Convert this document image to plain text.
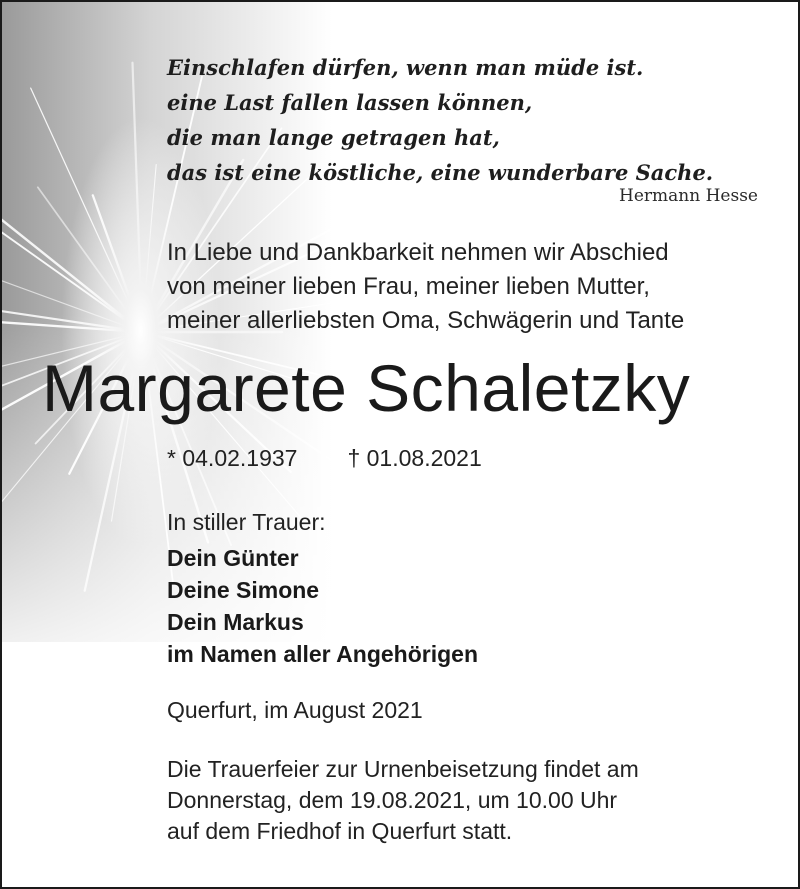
Einschlafen dürfen, wenn man müde ist.
eine Last fallen lassen können,
die man lange getragen hat,
das ist eine köstliche, eine wunderbare Sache.
Hermann Hesse
In Liebe und Dankbarkeit nehmen wir Abschied
von meiner lieben Frau, meiner lieben Mutter,
meiner allerliebsten Oma, Schwägerin und Tante
Margarete Schaletzky
* 04.02.1937 † 01.08.2021
In stiller Trauer:
Dein Günter
Deine Simone
Dein Markus
im Namen aller Angehörigen
Querfurt, im August 2021
Die Trauerfeier zur Urnenbeisetzung findet am
Donnerstag, dem 19.08.2021, um 10.00 Uhr
auf dem Friedhof in Querfurt statt.
